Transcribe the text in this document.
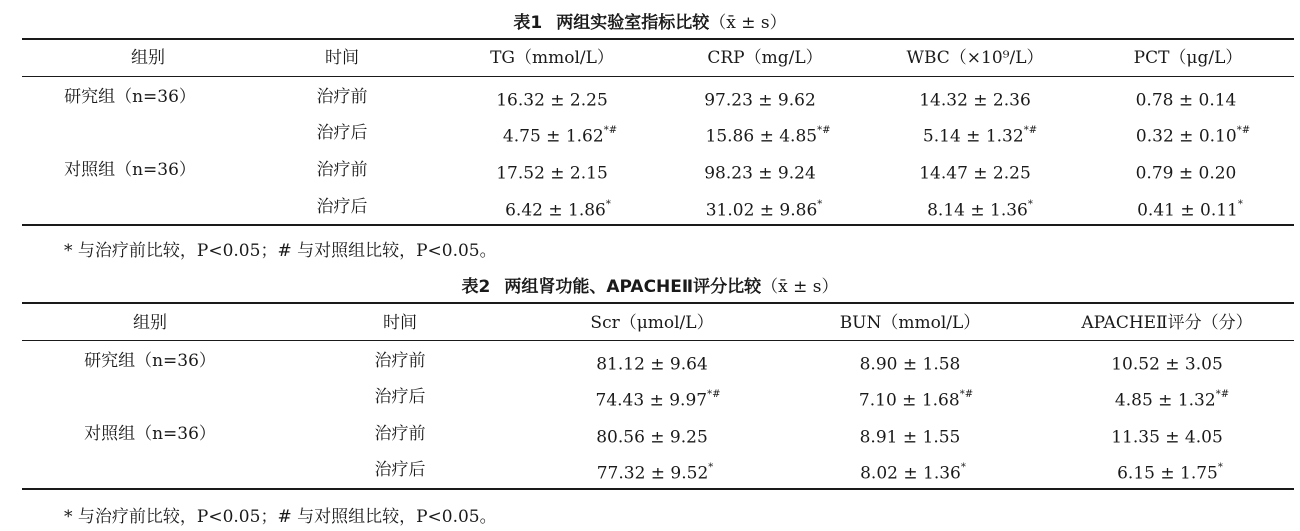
表1 两组实验室指标比较（x̄ ± s）
组别	时间	TG（mmol/L）	CRP（mg/L）	WBC（×10⁹/L）	PCT（μg/L）
研究组（n=36）	治疗前	16.32 ± 2.25	97.23 ± 9.62	14.32 ± 2.36	0.78 ± 0.14
治疗后	4.75 ± 1.62*#	15.86 ± 4.85*#	5.14 ± 1.32*#	0.32 ± 0.10*#
对照组（n=36）	治疗前	17.52 ± 2.15	98.23 ± 9.24	14.47 ± 2.25	0.79 ± 0.20
治疗后	6.42 ± 1.86*	31.02 ± 9.86*	8.14 ± 1.36*	0.41 ± 0.11*
* 与治疗前比较，P<0.05；# 与对照组比较，P<0.05。
表2 两组肾功能、APACHEⅡ评分比较（x̄ ± s）
组别	时间	Scr（μmol/L）	BUN（mmol/L）	APACHEⅡ评分（分）
研究组（n=36）	治疗前	81.12 ± 9.64	8.90 ± 1.58	10.52 ± 3.05
治疗后	74.43 ± 9.97*#	7.10 ± 1.68*#	4.85 ± 1.32*#
对照组（n=36）	治疗前	80.56 ± 9.25	8.91 ± 1.55	11.35 ± 4.05
治疗后	77.32 ± 9.52*	8.02 ± 1.36*	6.15 ± 1.75*
* 与治疗前比较，P<0.05；# 与对照组比较，P<0.05。
